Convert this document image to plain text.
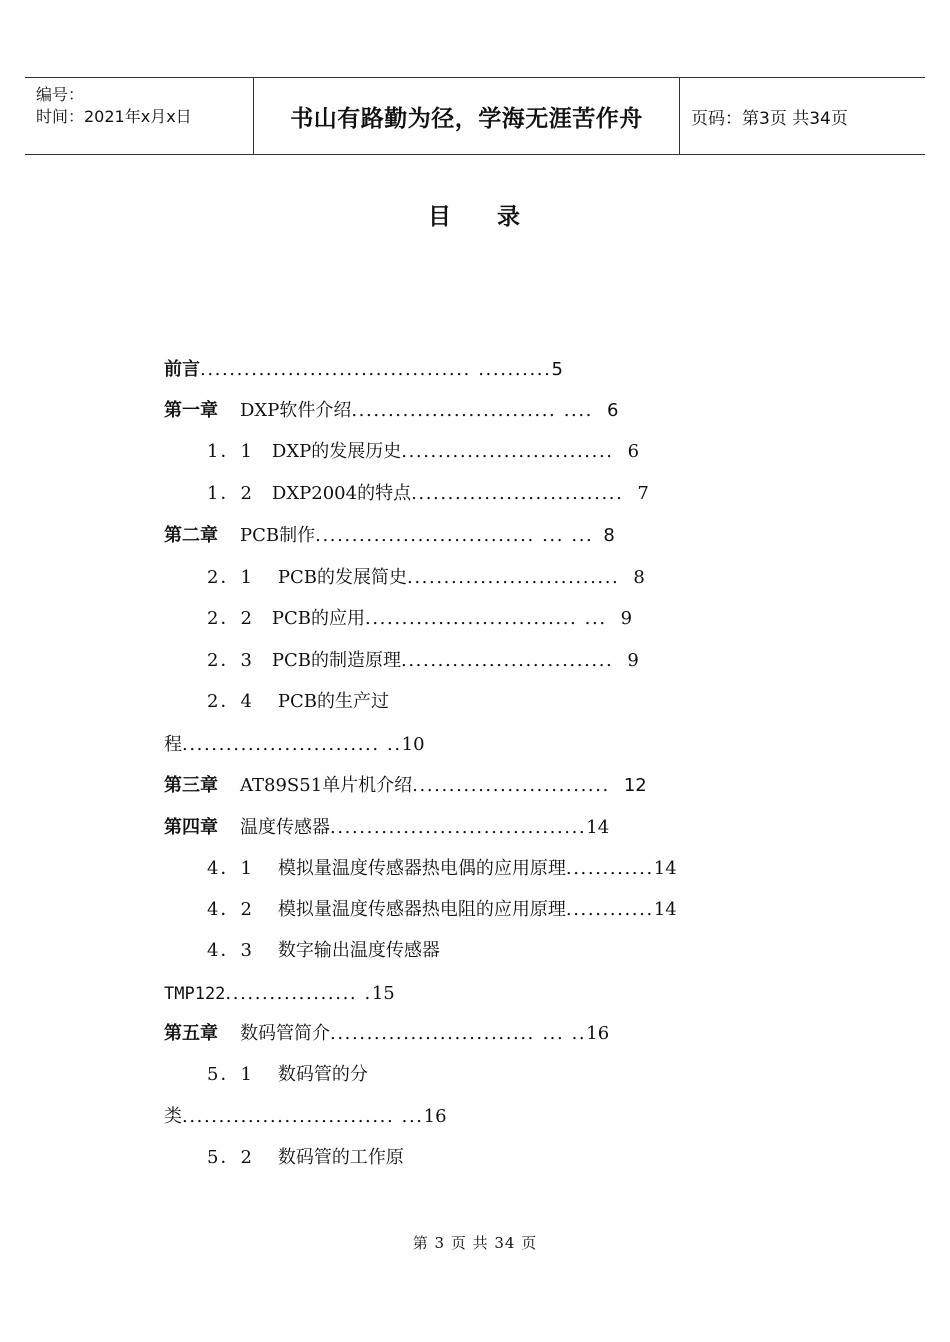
编号：
时间：2021年x月x日	书山有路勤为径，学海无涯苦作舟	页码：第3页 共34页
目 录
前言..................................... ..........5
第一章 DXP软件介绍............................ .... 6
1．1 DXP的发展历史............................. 6
1．2 DXP2004的特点............................. 7
第二章 PCB制作.............................. ... ... 8
2．1 PCB的发展简史............................. 8
2．2 PCB的应用............................. ... 9
2．3 PCB的制造原理............................. 9
2．4 PCB的生产过
程........................... ..10
第三章 AT89S51单片机介绍........................... 12
第四章 温度传感器...................................14
4．1 模拟量温度传感器热电偶的应用原理............14
4．2 模拟量温度传感器热电阻的应用原理............14
4．3 数字输出温度传感器
TMP122.................. .15
第五章 数码管简介............................ ... ..16
5．1 数码管的分
类............................. ...16
5．2 数码管的工作原
第 3 页 共 34 页
